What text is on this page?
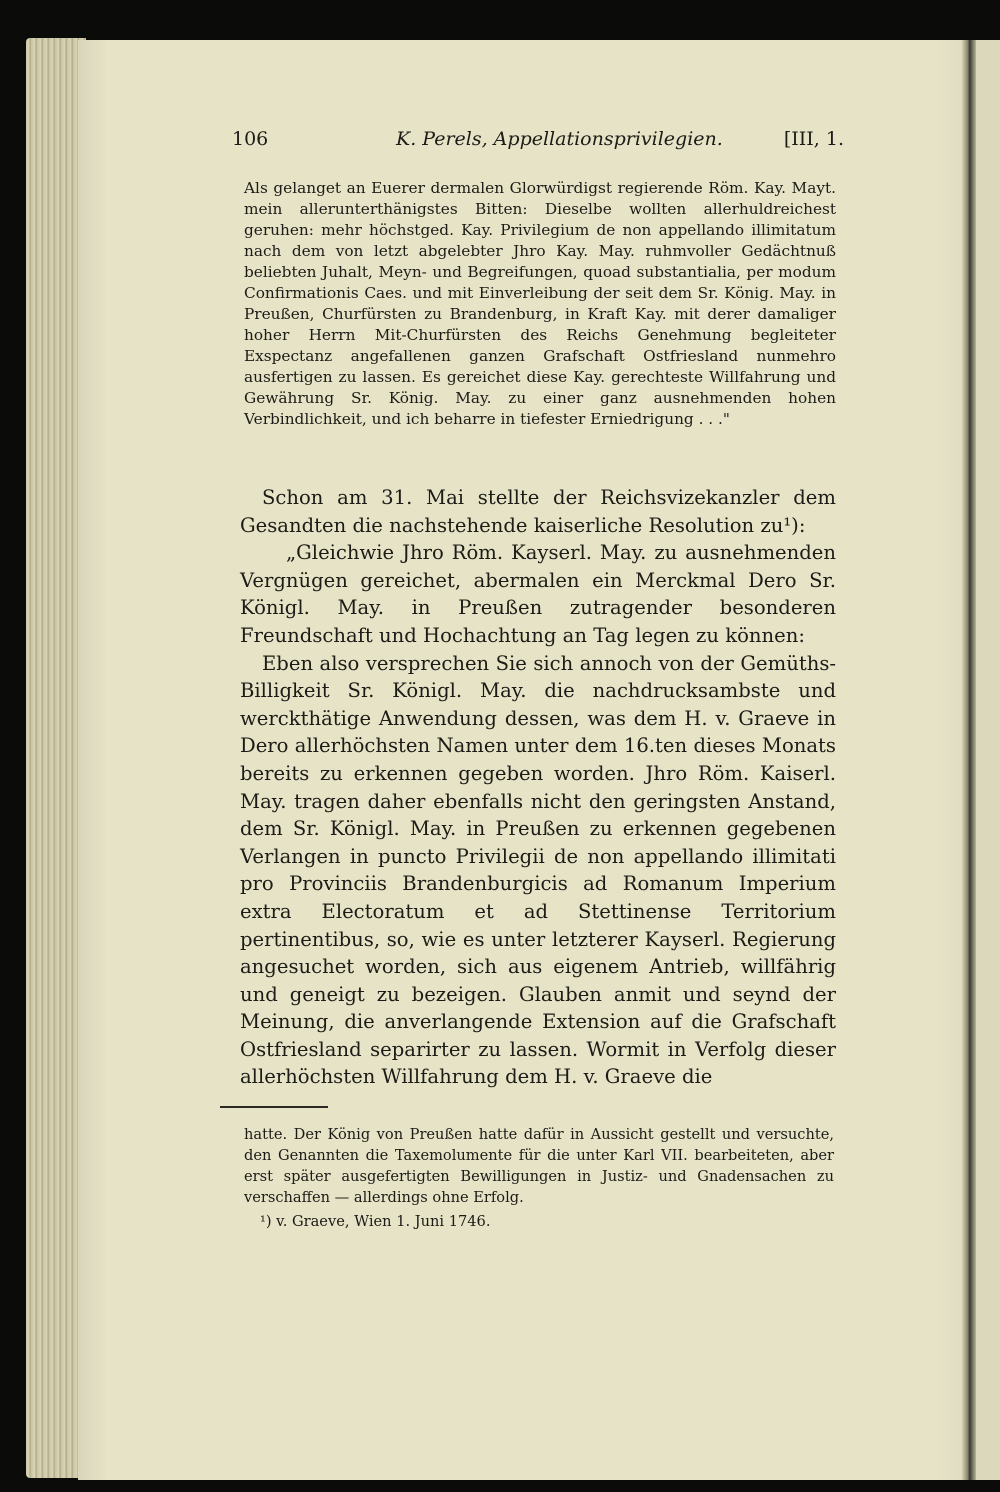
106	K. Perels, Appellationsprivilegien.	[III, 1.
Als gelanget an Euerer dermalen Glorwürdigst regierende Röm. Kay. Mayt. mein allerunterthänigstes Bitten: Dieselbe wollten allerhuldreichest geruhen: mehr höchstged. Kay. Privilegium de non appellando illimitatum nach dem von letzt abgelebter Jhro Kay. May. ruhmvoller Gedächtnuß beliebten Juhalt, Meyn- und Begreifungen, quoad substantialia, per modum Confirmationis Caes. und mit Einverleibung der seit dem Sr. König. May. in Preußen, Churfürsten zu Brandenburg, in Kraft Kay. mit derer damaliger hoher Herrn Mit-Churfürsten des Reichs Genehmung begleiteter Exspectanz angefallenen ganzen Grafschaft Ostfriesland nunmehro ausfertigen zu lassen. Es gereichet diese Kay. gerechteste Willfahrung und Gewährung Sr. König. May. zu einer ganz ausnehmenden hohen Verbindlichkeit, und ich beharre in tiefester Erniedrigung . . ."

Schon am 31. Mai stellte der Reichsvizekanzler dem Gesandten die nachstehende kaiserliche Resolution zu¹):

„Gleichwie Jhro Röm. Kayserl. May. zu ausnehmenden Vergnügen gereichet, abermalen ein Merckmal Dero Sr. Königl. May. in Preußen zutragender besonderen Freundschaft und Hochachtung an Tag legen zu können:

Eben also versprechen Sie sich annoch von der Gemüths-Billigkeit Sr. Königl. May. die nachdrucksambste und werckthätige Anwendung dessen, was dem H. v. Graeve in Dero allerhöchsten Namen unter dem 16.ten dieses Monats bereits zu erkennen gegeben worden. Jhro Röm. Kaiserl. May. tragen daher ebenfalls nicht den geringsten Anstand, dem Sr. Königl. May. in Preußen zu erkennen gegebenen Verlangen in puncto Privilegii de non appellando illimitati pro Provinciis Brandenburgicis ad Romanum Imperium extra Electoratum et ad Stettinense Territorium pertinentibus, so, wie es unter letzterer Kayserl. Regierung angesuchet worden, sich aus eigenem Antrieb, willfährig und geneigt zu bezeigen. Glauben anmit und seynd der Meinung, die anverlangende Extension auf die Grafschaft Ostfriesland separirter zu lassen. Wormit in Verfolg dieser allerhöchsten Willfahrung dem H. v. Graeve die

hatte. Der König von Preußen hatte dafür in Aussicht gestellt und versuchte, den Genannten die Taxemolumente für die unter Karl VII. bearbeiteten, aber erst später ausgefertigten Bewilligungen in Justiz- und Gnadensachen zu verschaffen — allerdings ohne Erfolg.

¹) v. Graeve, Wien 1. Juni 1746.
